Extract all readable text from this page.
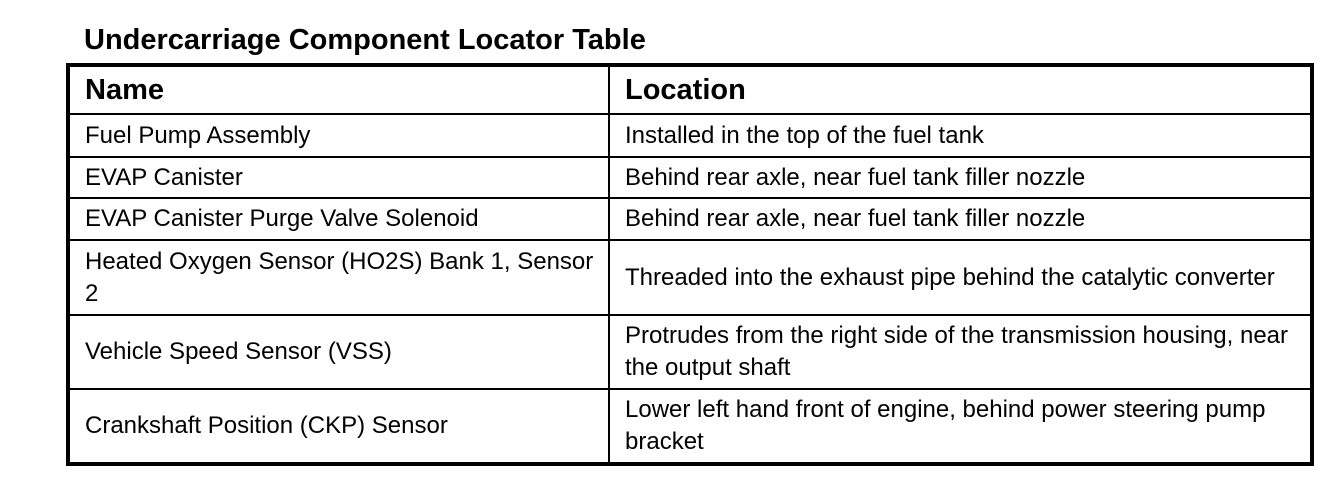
Undercarriage Component Locator Table
Name	Location
Fuel Pump Assembly	Installed in the top of the fuel tank
EVAP Canister	Behind rear axle, near fuel tank filler nozzle
EVAP Canister Purge Valve Solenoid	Behind rear axle, near fuel tank filler nozzle
Heated Oxygen Sensor (HO2S) Bank 1, Sensor 2	Threaded into the exhaust pipe behind the catalytic converter
Vehicle Speed Sensor (VSS)	Protrudes from the right side of the transmission housing, near the output shaft
Crankshaft Position (CKP) Sensor	Lower left hand front of engine, behind power steering pump bracket
